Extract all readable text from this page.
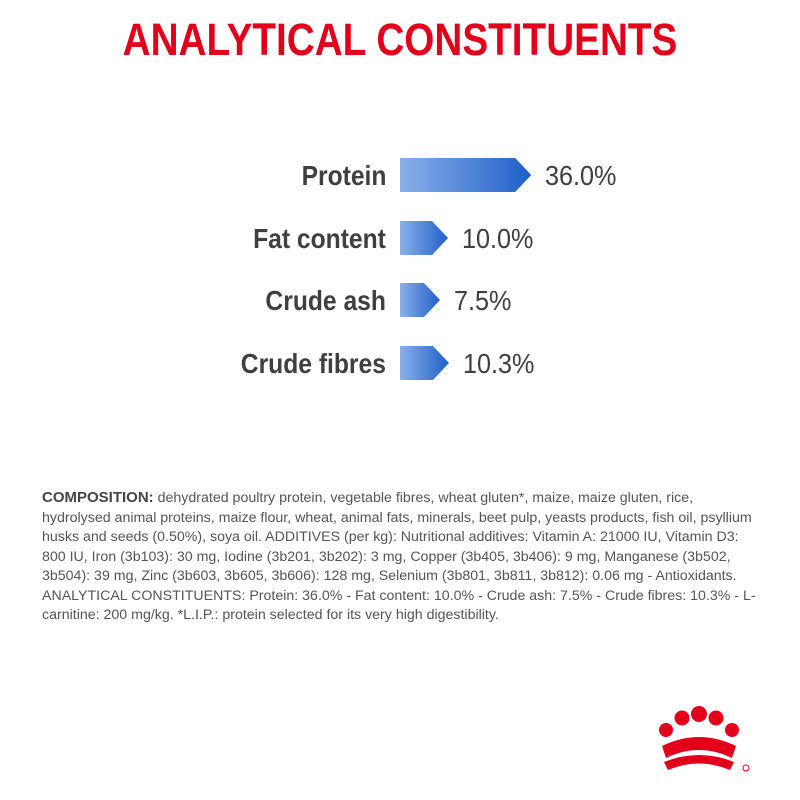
ANALYTICAL CONSTITUENTS
Protein	36.0%
Fat content	10.0%
Crude ash 7.5%
Crude fibres	10.3%
COMPOSITION: dehydrated poultry protein, vegetable fibres, wheat gluten*, maize, maize gluten, rice, hydrolysed animal proteins, maize flour, wheat, animal fats, minerals, beet pulp, yeasts products, fish oil, psyllium husks and seeds (0.50%), soya oil. ADDITIVES (per kg): Nutritional additives: Vitamin A: 21000 IU, Vitamin D3: 800 IU, Iron (3b103): 30 mg, Iodine (3b201, 3b202): 3 mg, Copper (3b405, 3b406): 9 mg, Manganese (3b502, 3b504): 39 mg, Zinc (3b603, 3b605, 3b606): 128 mg, Selenium (3b801, 3b811, 3b812): 0.06 mg - Antioxidants. ANALYTICAL CONSTITUENTS: Protein: 36.0% - Fat content: 10.0% - Crude ash: 7.5% - Crude fibres: 10.3% - L-carnitine: 200 mg/kg. *L.I.P.: protein selected for its very high digestibility.
